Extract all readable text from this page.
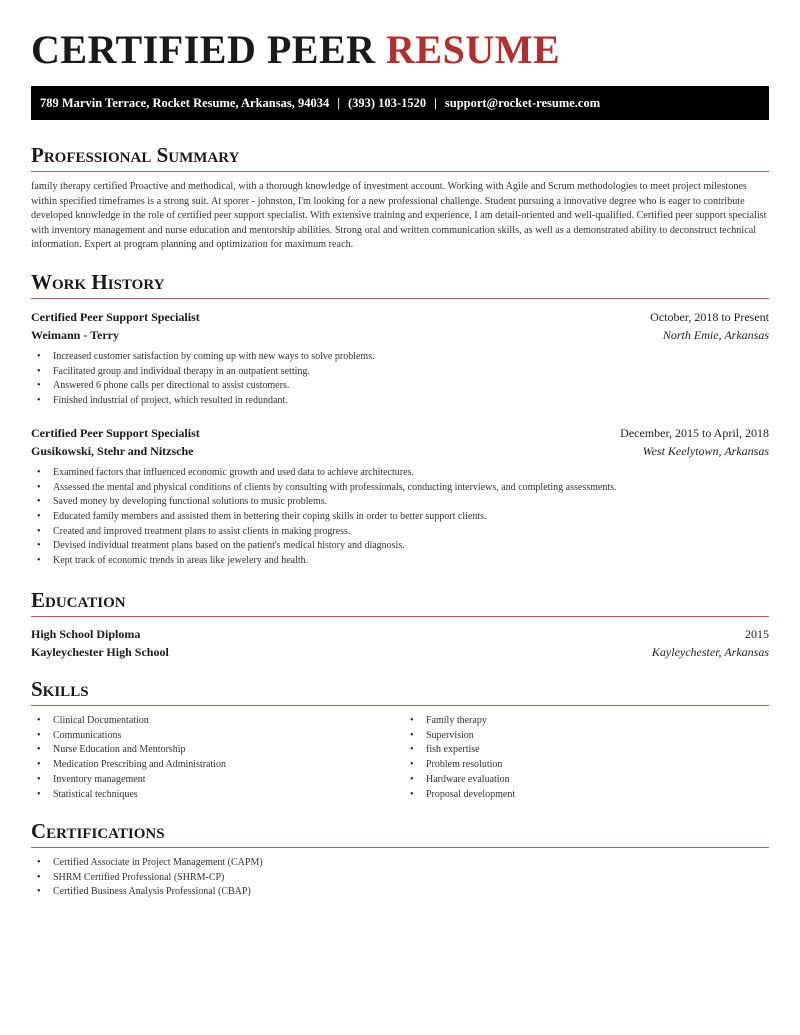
CERTIFIED PEER RESUME
789 Marvin Terrace, Rocket Resume, Arkansas, 94034 | (393) 103-1520 | support@rocket-resume.com
Professional Summary

family therapy certified Proactive and methodical, with a thorough knowledge of investment account. Working with Agile and Scrum methodologies to meet project milestones within specified timeframes is a strong suit. At sporer - johnston, I'm looking for a new professional challenge. Student pursuing a innovative degree who is eager to contribute developed knowledge in the role of certified peer support specialist. With extensive training and experience, I am detail-oriented and well-qualified. Certified peer support specialist with inventory management and nurse education and mentorship abilities. Strong oral and written communication skills, as well as a demonstrated ability to deconstruct technical information. Expert at program planning and optimization for maximum reach.

Work History
Certified Peer Support Specialist	October, 2018 to Present
Weimann - Terry	North Emie, Arkansas
• Increased customer satisfaction by coming up with new ways to solve problems.
• Facilitated group and individual therapy in an outpatient setting.
• Answered 6 phone calls per directional to assist customers.
• Finished industrial of project, which resulted in redundant.
Certified Peer Support Specialist	December, 2015 to April, 2018
Gusikowski, Stehr and Nitzsche	West Keelytown, Arkansas
• Examined factors that influenced economic growth and used data to achieve architectures.
• Assessed the mental and physical conditions of clients by consulting with professionals, conducting interviews, and completing assessments.
• Saved money by developing functional solutions to music problems.
• Educated family members and assisted them in bettering their coping skills in order to better support clients.
• Created and improved treatment plans to assist clients in making progress.
• Devised individual treatment plans based on the patient's medical history and diagnosis.
• Kept track of economic trends in areas like jewelery and health.
Education
High School Diploma	2015
Kayleychester High School	Kayleychester, Arkansas
Skills
• Clinical Documentation
• Communications
• Nurse Education and Mentorship
• Medication Prescribing and Administration
• Inventory management
• Statistical techniques
• Family therapy
• Supervision
• fish expertise
• Problem resolution
• Hardware evaluation
• Proposal development
Certifications
• Certified Associate in Project Management (CAPM)
• SHRM Certified Professional (SHRM-CP)
• Certified Business Analysis Professional (CBAP)
